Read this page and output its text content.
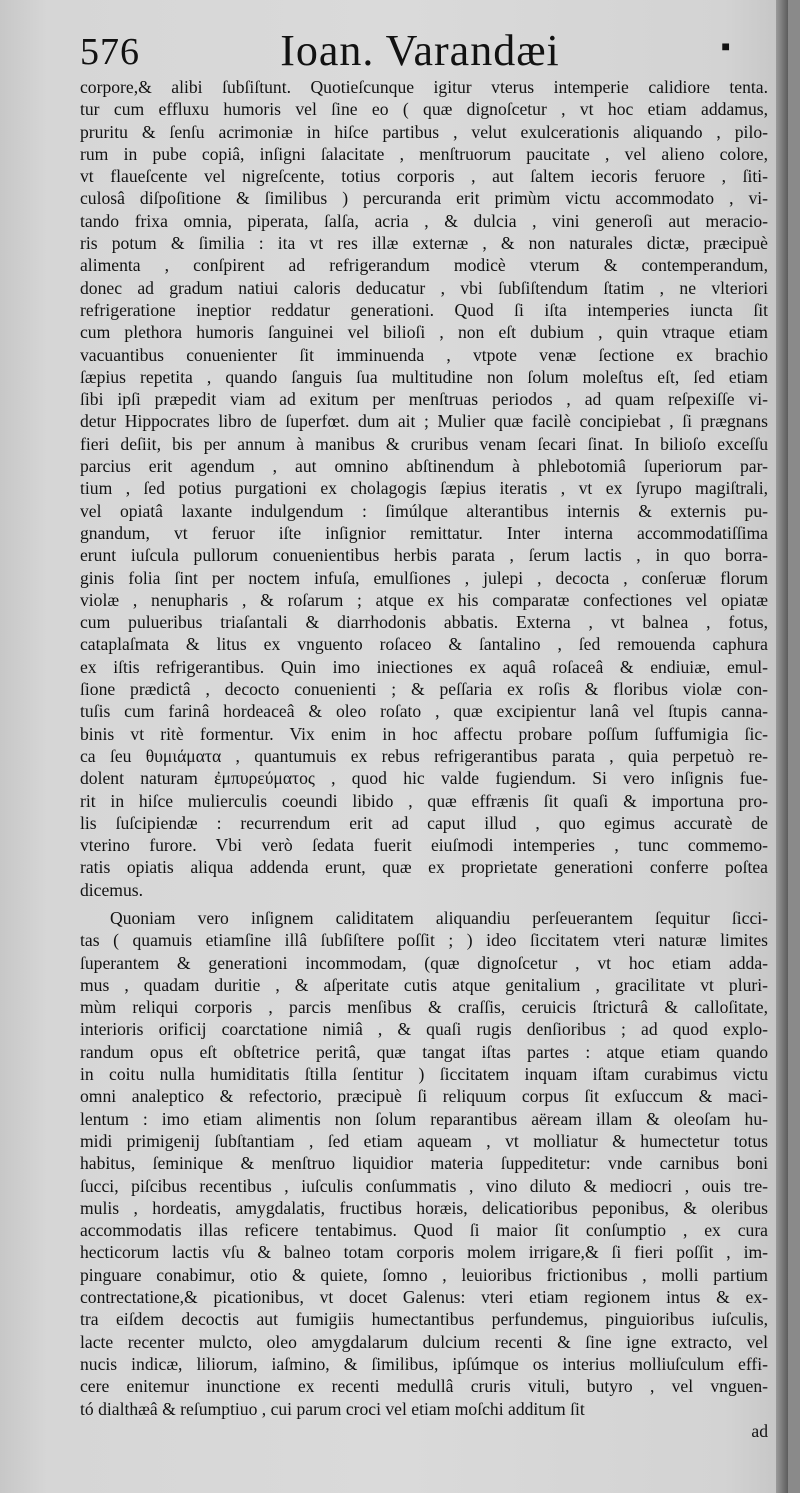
576	Ioan. Varandæi	■
corpore,& alibi ſubſiſtunt. Quotieſcunque igitur vterus intemperie calidiore tenta.
tur cum effluxu humoris vel ſine eo ( quæ dignoſcetur , vt hoc etiam addamus,
pruritu & ſenſu acrimoniæ in hiſce partibus , velut exulcerationis aliquando , pilo-
rum in pube copiâ, inſigni ſalacitate , menſtruorum paucitate , vel alieno colore,
vt flaueſcente vel nigreſcente, totius corporis , aut ſaltem iecoris feruore , ſiti-
culosâ diſpoſitione & ſimilibus ) percuranda erit primùm victu accommodato , vi-
tando frixa omnia, piperata, ſalſa, acria , & dulcia , vini generoſi aut meracio-
ris potum & ſimilia : ita vt res illæ externæ , & non naturales dictæ, præcipuè
alimenta , conſpirent ad refrigerandum modicè vterum & contemperandum,
donec ad gradum natiui caloris deducatur , vbi ſubſiſtendum ſtatim , ne vlteriori
refrigeratione ineptior reddatur generationi. Quod ſi iſta intemperies iuncta ſit
cum plethora humoris ſanguinei vel bilioſi , non eſt dubium , quin vtraque etiam
vacuantibus conuenienter ſit imminuenda , vtpote venæ ſectione ex brachio
ſæpius repetita , quando ſanguis ſua multitudine non ſolum moleſtus eſt, ſed etiam
ſibi ipſi præpedit viam ad exitum per menſtruas periodos , ad quam reſpexiſſe vi-
detur Hippocrates libro de ſuperfœt. dum ait ; Mulier quæ facilè concipiebat , ſi prægnans
fieri deſiit, bis per annum à manibus & cruribus venam ſecari ſinat. In bilioſo exceſſu
parcius erit agendum , aut omnino abſtinendum à phlebotomiâ ſuperiorum par-
tium , ſed potius purgationi ex cholagogis ſæpius iteratis , vt ex ſyrupo magiſtrali,
vel opiatâ laxante indulgendum : ſimúlque alterantibus internis & externis pu-
gnandum, vt feruor iſte inſignior remittatur. Inter interna accommodatiſſima
erunt iuſcula pullorum conuenientibus herbis parata , ſerum lactis , in quo borra-
ginis folia ſint per noctem infuſa, emulſiones , julepi , decocta , conſeruæ florum
violæ , nenupharis , & roſarum ; atque ex his comparatæ confectiones vel opiatæ
cum pulueribus triaſantali & diarrhodonis abbatis. Externa , vt balnea , fotus,
cataplaſmata & litus ex vnguento roſaceo & ſantalino , ſed remouenda caphura
ex iſtis refrigerantibus. Quin imo iniectiones ex aquâ roſaceâ & endiuiæ, emul-
ſione prædictâ , decocto conuenienti ; & peſſaria ex roſis & floribus violæ con-
tuſis cum farinâ hordeaceâ & oleo roſato , quæ excipientur lanâ vel ſtupis canna-
binis vt ritè formentur. Vix enim in hoc affectu probare poſſum ſuffumigia ſic-
ca ſeu θυμιάματα , quantumuis ex rebus refrigerantibus parata , quia perpetuò re-
dolent naturam ἐμπυρεύματος , quod hic valde fugiendum. Si vero inſignis fue-
rit in hiſce mulierculis coeundi libido , quæ effrænis ſit quaſi & importuna pro-
lis ſuſcipiendæ : recurrendum erit ad caput illud , quo egimus accuratè de
vterino furore. Vbi verò ſedata fuerit eiuſmodi intemperies , tunc commemo-
ratis opiatis aliqua addenda erunt, quæ ex proprietate generationi conferre poſtea
dicemus.
Quoniam vero inſignem caliditatem aliquandiu perſeuerantem ſequitur ſicci-
tas ( quamuis etiamſine illâ ſubſiſtere poſſit ; ) ideo ſiccitatem vteri naturæ limites
ſuperantem & generationi incommodam, (quæ dignoſcetur , vt hoc etiam adda-
mus , quadam duritie , & aſperitate cutis atque genitalium , gracilitate vt pluri-
mùm reliqui corporis , parcis menſibus & craſſis, ceruicis ſtricturâ & calloſitate,
interioris orificij coarctatione nimiâ , & quaſi rugis denſioribus ; ad quod explo-
randum opus eſt obſtetrice peritâ, quæ tangat iſtas partes : atque etiam quando
in coitu nulla humiditatis ſtilla ſentitur ) ſiccitatem inquam iſtam curabimus victu
omni analeptico & refectorio, præcipuè ſi reliquum corpus ſit exſuccum & maci-
lentum : imo etiam alimentis non ſolum reparantibus aëream illam & oleoſam hu-
midi primigenij ſubſtantiam , ſed etiam aqueam , vt molliatur & humectetur totus
habitus, ſeminique & menſtruo liquidior materia ſuppeditetur: vnde carnibus boni
ſucci, piſcibus recentibus , iuſculis conſummatis , vino diluto & mediocri , ouis tre-
mulis , hordeatis, amygdalatis, fructibus horæis, delicatioribus peponibus, & oleribus
accommodatis illas reficere tentabimus. Quod ſi maior ſit conſumptio , ex cura
hecticorum lactis vſu & balneo totam corporis molem irrigare,& ſi fieri poſſit , im-
pinguare conabimur, otio & quiete, ſomno , leuioribus frictionibus , molli partium
contrectatione,& picationibus, vt docet Galenus: vteri etiam regionem intus & ex-
tra eiſdem decoctis aut fumigiis humectantibus perfundemus, pinguioribus iuſculis,
lacte recenter mulcto, oleo amygdalarum dulcium recenti & ſine igne extracto, vel
nucis indicæ, liliorum, iaſmino, & ſimilibus, ipſúmque os interius molliuſculum effi-
cere enitemur inunctione ex recenti medullâ cruris vituli, butyro , vel vnguen-
tó dialthæâ & reſumptiuo , cui parum croci vel etiam moſchi additum ſit
ad
